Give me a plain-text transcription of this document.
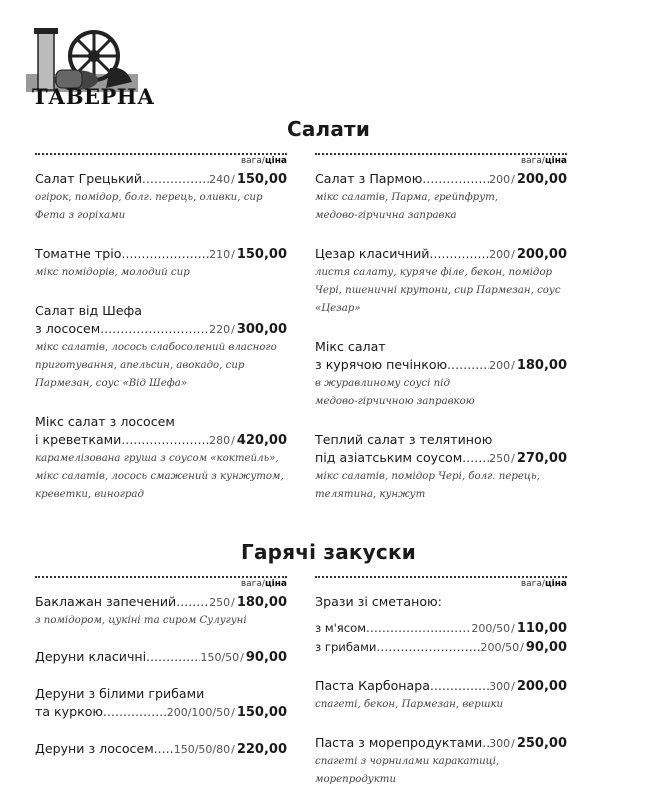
ТАВЕРНА
Салати
вага/ціна
Салат Грецький .....	240 / 150,00
огірок, помідор, болг. перець, оливки, сир
Фета з горіхами
Томатне тріо .....	210 / 150,00
мікс помідорів, молодий сир
Салат від Шефа
з лососем .....	220 / 300,00
мікс салатів, лосось слабосолений власного
приготування, апельсин, авокадо, сир
Пармезан, соус «Від Шефа»
Мікс салат з лососем
і креветками .....	280 / 420,00
карамелізована груша з соусом «коктейль»,
мікс салатів, лосось смажений з кунжутом,
креветки, виноград
вага/ціна
Салат з Пармою .....	200 / 200,00
мікс салатів, Парма, грейпфрут,
медово-гірчична заправка
Цезар класичний .....	200 / 200,00
листя салату, куряче філе, бекон, помідор
Чері, пшеничні крутони, сир Пармезан, соус
«Цезар»
Мікс салат
з курячою печінкою .....	200 / 180,00
в журавлиному соусі під
медово-гірчичною заправкою
Теплий салат з телятиною
під азіатським соусом ..... 250 / 270,00
мікс салатів, помідор Чері, болг. перець,
телятина, кунжут
Гарячі закуски
вага/ціна
Баклажан запечений .....	250 / 180,00
з помідором, цукіні та сиром Сулугуні
Деруни класичні .....	150/50 / 90,00
Деруни з білими грибами
та куркою .....	200/100/50 / 150,00
Деруни з лососем ..... 150/50/80 / 220,00
вага/ціна
Зрази зі сметаною:
з м'ясом .....	200/50 / 110,00
з грибами .....	200/50 / 90,00
Паста Карбонара .....	300 / 200,00
спагеті, бекон, Пармезан, вершки
Паста з морепродуктами ..... 300 / 250,00
спагеті з чорнилами каракатиці,
морепродукти
